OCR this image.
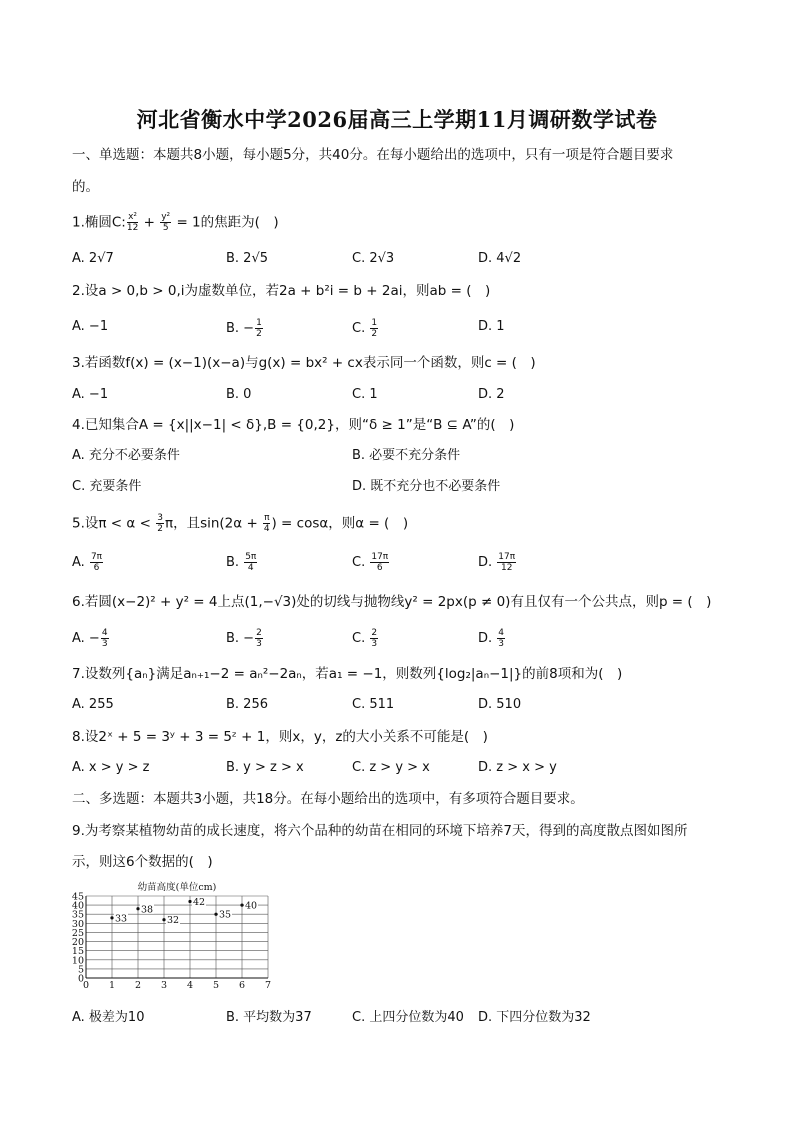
河北省衡水中学2026届高三上学期11月调研数学试卷
一、单选题：本题共8小题，每小题5分，共40分。在每小题给出的选项中，只有一项是符合题目要求
的。
1.椭圆C: $\frac{\text{x²}}{12} + \frac{\text{y²}}{5} = 1$的焦距为(　)
A. 2√7	B. 2√5	C. 2√3	D. 4√2
2.设a > 0,b > 0,i为虚数单位，若2a + b²i = b + 2ai，则ab = (　)
A. −1	B. − $\frac{1}{2}$	C. $\frac{1}{2}$	D. 1
3.若函数f(x) = (x−1)(x−a)与g(x) = bx² + cx表示同一个函数，则c = (　)
A. −1	B. 0	C. 1	D. 2
4.已知集合A = {x||x−1| < δ},B = {0,2}，则“δ ≥ 1”是“B ⊆ A”的(　)
A. 充分不必要条件	B. 必要不充分条件
C. 充要条件	D. 既不充分也不必要条件
5.设$\pi < \alpha < \frac{3}{2}$ π，且$\sin(2\alpha + \frac{\pi}{4}$ ) = cosα，则α = (　)
A. $\frac{7\pi}{6}$	B. $\frac{5\pi}{4}$	C. $\frac{17\pi}{6}$	D. $\frac{17\pi}{12}$
6.若圆(x−2)² + y² = 4上点(1,−√3)处的切线与抛物线y² = 2px(p ≠ 0)有且仅有一个公共点，则p = (　)
A. − $\frac{4}{3}$	B. − $\frac{2}{3}$	C. $\frac{2}{3}$	D. $\frac{4}{3}$
7.设数列{aₙ}满足aₙ₊₁−2 = aₙ²−2aₙ，若a₁ = −1，则数列{log₂|aₙ−1|}的前8项和为(　)
A. 255	B. 256	C. 511	D. 510
8.设2ˣ + 5 = 3ʸ + 3 = 5ᶻ + 1，则x，y，z的大小关系不可能是(　)
A. x > y > z	B. y > z > x	C. z > y > x	D. z > x > y
二、多选题：本题共3小题，共18分。在每小题给出的选项中，有多项符合题目要求。
9.为考察某植物幼苗的成长速度，将六个品种的幼苗在相同的环境下培养7天，得到的高度散点图如图所
示，则这6个数据的(　)
幼苗高度(单位cm)
0
5
10
15
20
25
30
35
40
45
0 1 2 3 4 5 6 7
33
38
32
42
35
40
A. 极差为10	B. 平均数为37	C. 上四分位数为40 D. 下四分位数为32
